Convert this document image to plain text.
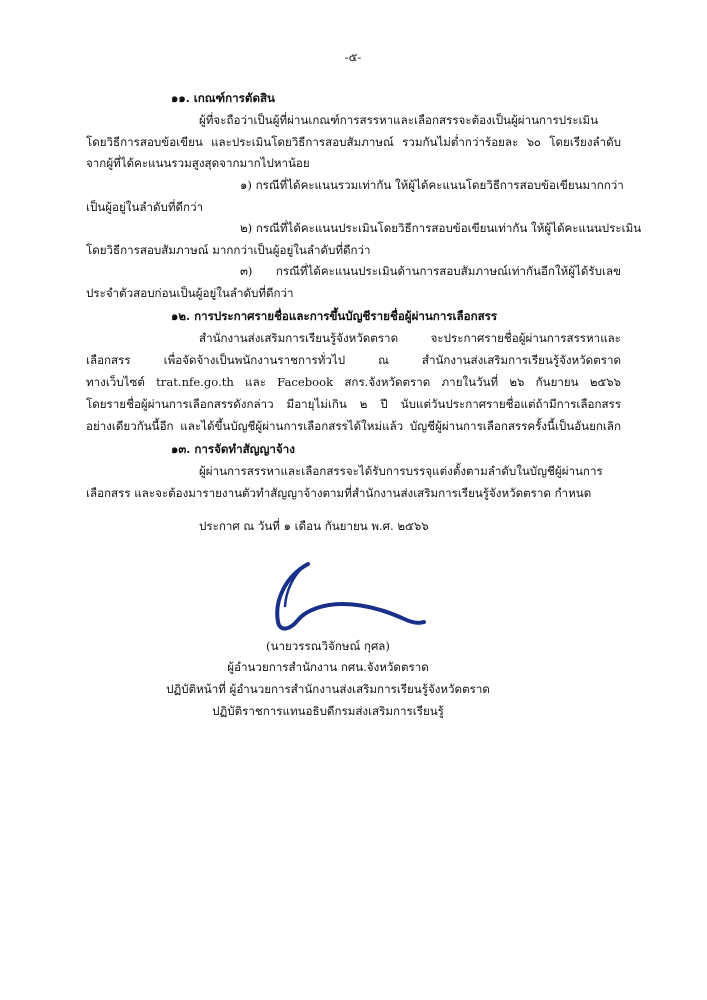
-๕-
๑๑. เกณฑ์การตัดสิน
ผู้ที่จะถือว่าเป็นผู้ที่ผ่านเกณฑ์การสรรหาและเลือกสรรจะต้องเป็นผู้ผ่านการประเมิน
โดยวิธีการสอบข้อเขียน และประเมินโดยวิธีการสอบสัมภาษณ์ รวมกันไม่ต่ำกว่าร้อยละ ๖๐ โดยเรียงลำดับ
จากผู้ที่ได้คะแนนรวมสูงสุดจากมากไปหาน้อย
๑) กรณีที่ได้คะแนนรวมเท่ากัน ให้ผู้ได้คะแนนโดยวิธีการสอบข้อเขียนมากกว่า
เป็นผู้อยู่ในลำดับที่ดีกว่า
๒) กรณีที่ได้คะแนนประเมินโดยวิธีการสอบข้อเขียนเท่ากัน ให้ผู้ได้คะแนนประเมิน
โดยวิธีการสอบสัมภาษณ์ มากกว่าเป็นผู้อยู่ในลำดับที่ดีกว่า
๓) กรณีที่ได้คะแนนประเมินด้านการสอบสัมภาษณ์เท่ากันอีกให้ผู้ได้รับเลข
ประจำตัวสอบก่อนเป็นผู้อยู่ในลำดับที่ดีกว่า
๑๒. การประกาศรายชื่อและการขึ้นบัญชีรายชื่อผู้ผ่านการเลือกสรร
สำนักงานส่งเสริมการเรียนรู้จังหวัดตราด จะประกาศรายชื่อผู้ผ่านการสรรหาและ
เลือกสรร เพื่อจัดจ้างเป็นพนักงานราชการทั่วไป ณ สำนักงานส่งเสริมการเรียนรู้จังหวัดตราด
ทางเว็บไซต์ trat.nfe.go.th และ Facebook สกร.จังหวัดตราด ภายในวันที่ ๒๖ กันยายน ๒๕๖๖
โดยรายชื่อผู้ผ่านการเลือกสรรดังกล่าว มีอายุไม่เกิน ๒ ปี นับแต่วันประกาศรายชื่อแต่ถ้ามีการเลือกสรร
อย่างเดียวกันนี้อีก และได้ขึ้นบัญชีผู้ผ่านการเลือกสรรได้ใหม่แล้ว บัญชีผู้ผ่านการเลือกสรรครั้งนี้เป็นอันยกเลิก
๑๓. การจัดทำสัญญาจ้าง
ผู้ผ่านการสรรหาและเลือกสรรจะได้รับการบรรจุแต่งตั้งตามลำดับในบัญชีผู้ผ่านการ
เลือกสรร และจะต้องมารายงานตัวทำสัญญาจ้างตามที่สำนักงานส่งเสริมการเรียนรู้จังหวัดตราด กำหนด
ประกาศ ณ วันที่ ๑ เดือน กันยายน พ.ศ. ๒๕๖๖
(นายวรรณวิจักษณ์ กุศล)
ผู้อำนวยการสำนักงาน กศน.จังหวัดตราด
ปฏิบัติหน้าที่ ผู้อำนวยการสำนักงานส่งเสริมการเรียนรู้จังหวัดตราด
ปฏิบัติราชการแทนอธิบดีกรมส่งเสริมการเรียนรู้
